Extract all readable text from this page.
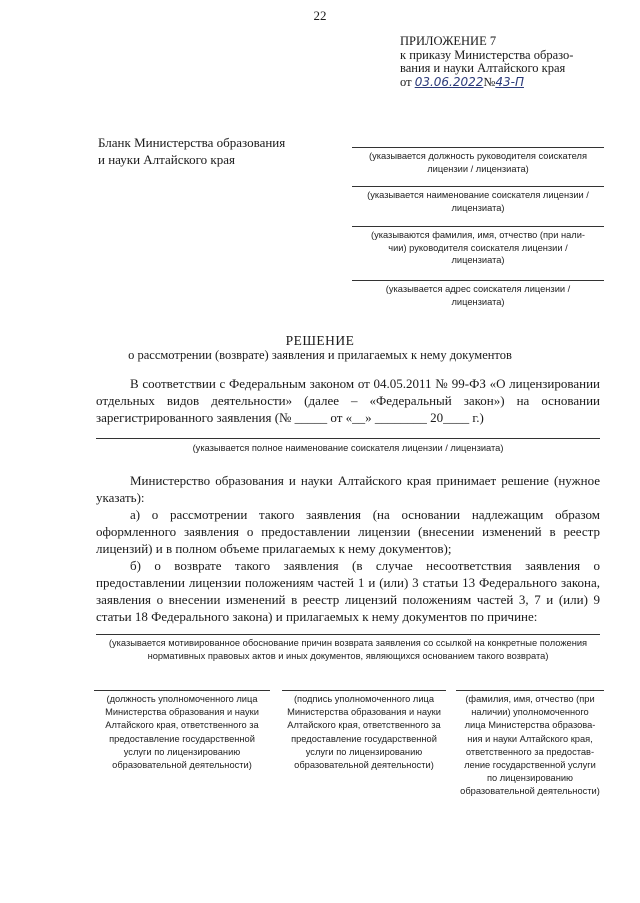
22
ПРИЛОЖЕНИЕ 7
к приказу Министерства образо-
вания и науки Алтайского края
от 03.06.2022№43-П
Бланк Министерства образования
и науки Алтайского края	(указывается должность руководителя соискателя
лицензии / лицензиата)
(указывается наименование соискателя лицензии /
лицензиата)
(указываются фамилия, имя, отчество (при нали-
чии) руководителя соискателя лицензии /
лицензиата)
(указывается адрес соискателя лицензии /
лицензиата)
РЕШЕНИЕ
о рассмотрении (возврате) заявления и прилагаемых к нему документов
В соответствии с Федеральным законом от 04.05.2011 № 99-ФЗ «О лицензировании отдельных видов деятельности» (далее – «Федеральный закон») на основании зарегистрированного заявления (№ _____ от «__» ________ 20____ г.)
(указывается полное наименование соискателя лицензии / лицензиата)
Министерство образования и науки Алтайского края принимает решение (нужное указать):
а) о рассмотрении такого заявления (на основании надлежащим образом оформленного заявления о предоставлении лицензии (внесении изменений в реестр лицензий) и в полном объеме прилагаемых к нему документов);
б) о возврате такого заявления (в случае несоответствия заявления о предоставлении лицензии положениям частей 1 и (или) 3 статьи 13 Федерального закона, заявления о внесении изменений в реестр лицензий положениям частей 3, 7 и (или) 9 статьи 18 Федерального закона) и прилагаемых к нему документов по причине:
(указывается мотивированное обоснование причин возврата заявления со ссылкой на конкретные положения
нормативных правовых актов и иных документов, являющихся основанием такого возврата)
(должность уполномоченного лица
Министерства образования и науки
Алтайского края, ответственного за
предоставление государственной
услуги по лицензированию
образовательной деятельности)
(подпись уполномоченного лица
Министерства образования и науки
Алтайского края, ответственного за
предоставление государственной
услуги по лицензированию
образовательной деятельности)
(фамилия, имя, отчество (при
наличии) уполномоченного
лица Министерства образова-
ния и науки Алтайского края,
ответственного за предостав-
ление государственной услуги
по лицензированию
образовательной деятельности)
